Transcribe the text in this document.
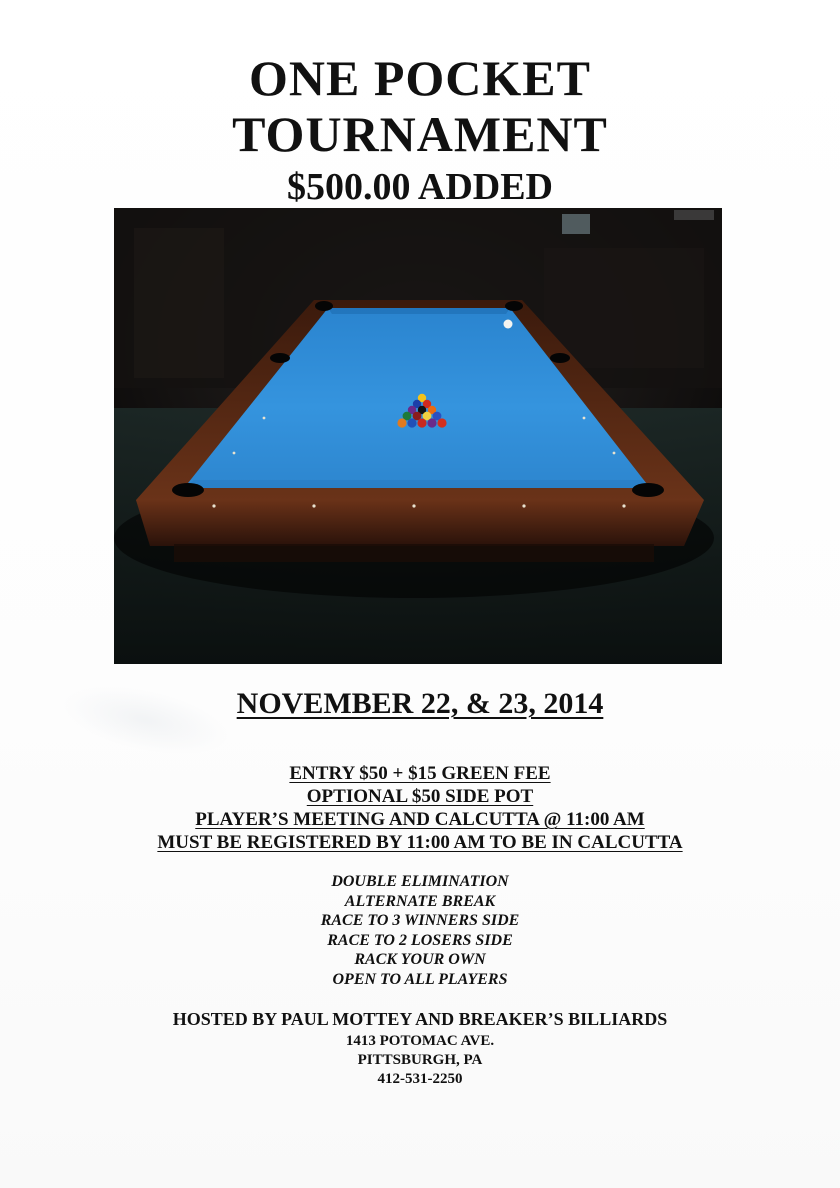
ONE POCKET
TOURNAMENT
$500.00 ADDED
NOVEMBER 22, & 23, 2014
ENTRY $50 + $15 GREEN FEE
OPTIONAL $50 SIDE POT
PLAYER’S MEETING AND CALCUTTA @ 11:00 AM
MUST BE REGISTERED BY 11:00 AM TO BE IN CALCUTTA
DOUBLE ELIMINATION
ALTERNATE BREAK
RACE TO 3 WINNERS SIDE
RACE TO 2 LOSERS SIDE
RACK YOUR OWN
OPEN TO ALL PLAYERS
HOSTED BY PAUL MOTTEY AND BREAKER’S BILLIARDS
1413 POTOMAC AVE.
PITTSBURGH, PA
412-531-2250
